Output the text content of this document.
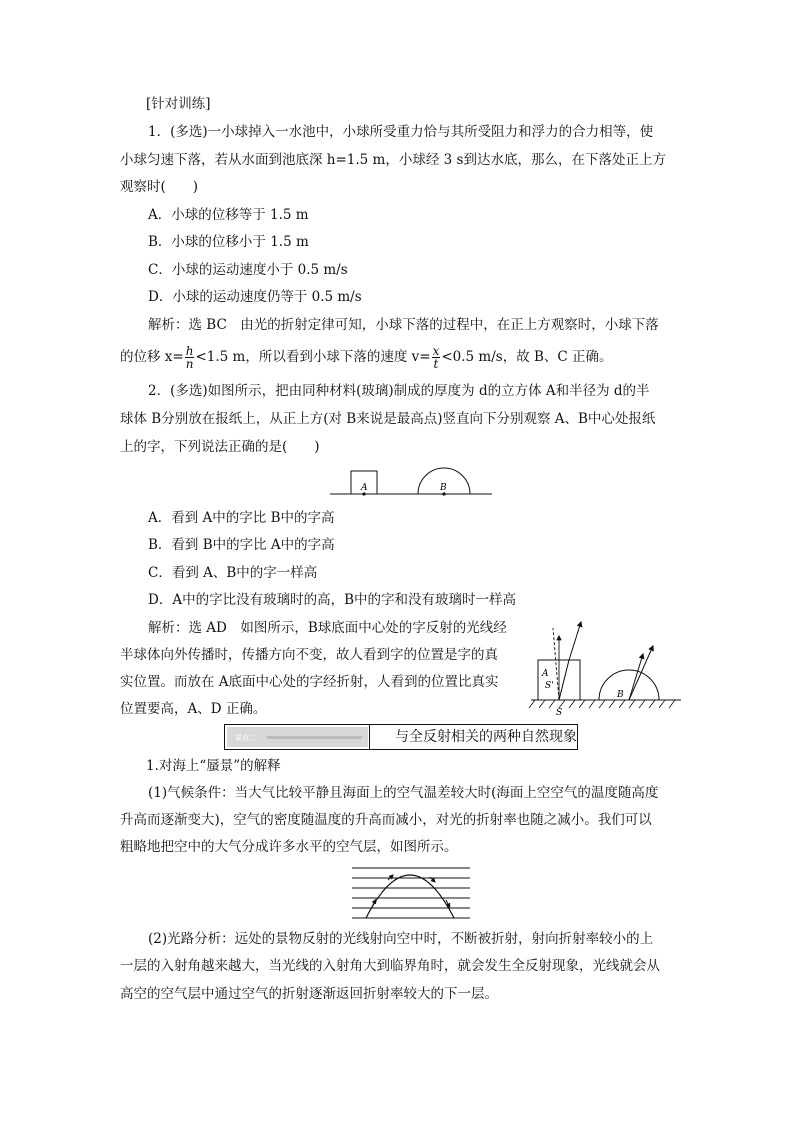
[针对训练]
1．(多选)一小球掉入一水池中，小球所受重力恰与其所受阻力和浮力的合力相等，使
小球匀速下落，若从水面到池底深 h=1.5 m，小球经 3 s到达水底，那么，在下落处正上方
观察时(　　)
A．小球的位移等于 1.5 m
B．小球的位移小于 1.5 m
C．小球的运动速度小于 0.5 m/s
D．小球的运动速度仍等于 0.5 m/s
解析：选 BC　由光的折射定律可知，小球下落的过程中，在正上方观察时，小球下落
的位移 $x= \frac{h}{n} <1.5$ m，所以看到小球下落的速度 $v= \frac{x}{t} <0.5$ m/s，故 B、C 正确。
2．(多选)如图所示，把由同种材料(玻璃)制成的厚度为 d的立方体 A和半径为 d的半
球体 B分别放在报纸上，从正上方(对 B来说是最高点)竖直向下分别观察 A、B中心处报纸
上的字，下列说法正确的是(　　)
A	B
A．看到 A中的字比 B中的字高
B．看到 B中的字比 A中的字高
C．看到 A、B中的字一样高
D．A中的字比没有玻璃时的高，B中的字和没有玻璃时一样高
解析：选 AD　如图所示，B球底面中心处的字反射的光线经
半球体向外传播时，传播方向不变，故人看到字的位置是字的真
实位置。而放在 A底面中心处的字经折射，人看到的位置比真实
位置要高，A、D 正确。
A
S'
S
B
要点二	与全反射相关的两种自然现象
1.对海上“蜃景”的解释
(1)气候条件：当大气比较平静且海面上的空气温差较大时(海面上空空气的温度随高度
升高而逐渐变大)，空气的密度随温度的升高而减小，对光的折射率也随之减小。我们可以
粗略地把空中的大气分成许多水平的空气层，如图所示。
(2)光路分析：远处的景物反射的光线射向空中时，不断被折射，射向折射率较小的上
一层的入射角越来越大，当光线的入射角大到临界角时，就会发生全反射现象，光线就会从
高空的空气层中通过空气的折射逐渐返回折射率较大的下一层。
